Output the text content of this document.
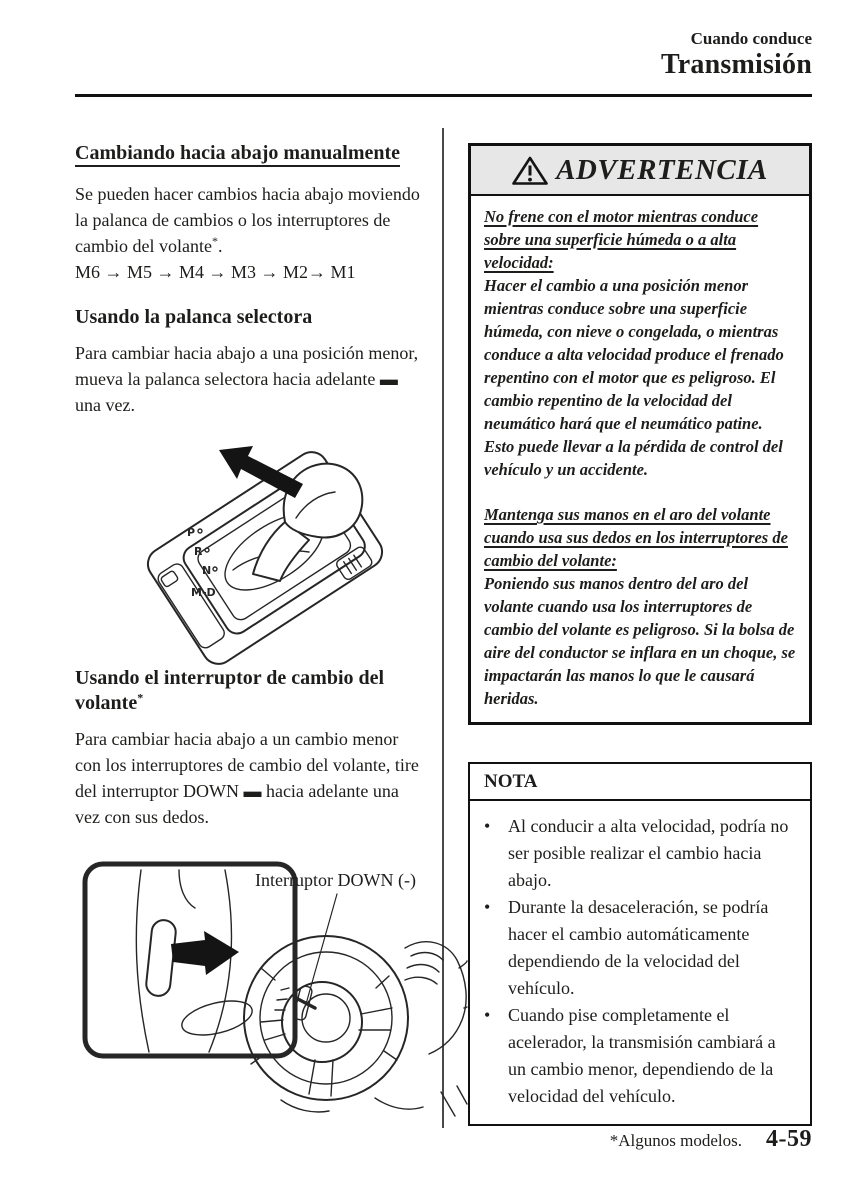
Cuando conduce
Transmisión
Cambiando hacia abajo manualmente

Se pueden hacer cambios hacia abajo moviendo la palanca de cambios o los interruptores de cambio del volante*.

M6 → M5 → M4 → M3 → M2→ M1

Usando la palanca selectora

Para cambiar hacia abajo a una posición menor, mueva la palanca selectora hacia adelante ▬ una vez.

P
R
N
M-D
Usando el interruptor de cambio del volante*

Para cambiar hacia abajo a un cambio menor con los interruptores de cambio del volante, tire del interruptor DOWN ▬ hacia adelante una vez con sus dedos.

Interruptor DOWN (-)
ADVERTENCIA

No frene con el motor mientras conduce sobre una superficie húmeda o a alta velocidad:

Hacer el cambio a una posición menor mientras conduce sobre una superficie húmeda, con nieve o congelada, o mientras conduce a alta velocidad produce el frenado repentino con el motor que es peligroso. El cambio repentino de la velocidad del neumático hará que el neumático patine. Esto puede llevar a la pérdida de control del vehículo y un accidente.

Mantenga sus manos en el aro del volante cuando usa sus dedos en los interruptores de cambio del volante:

Poniendo sus manos dentro del aro del volante cuando usa los interruptores de cambio del volante es peligroso. Si la bolsa de aire del conductor se inflara en un choque, se impactarán las manos lo que le causará heridas.

NOTA
• Al conducir a alta velocidad, podría no ser posible realizar el cambio hacia abajo.
• Durante la desaceleración, se podría hacer el cambio automáticamente dependiendo de la velocidad del vehículo.
• Cuando pise completamente el acelerador, la transmisión cambiará a un cambio menor, dependiendo de la velocidad del vehículo.
*Algunos modelos. 4-59
